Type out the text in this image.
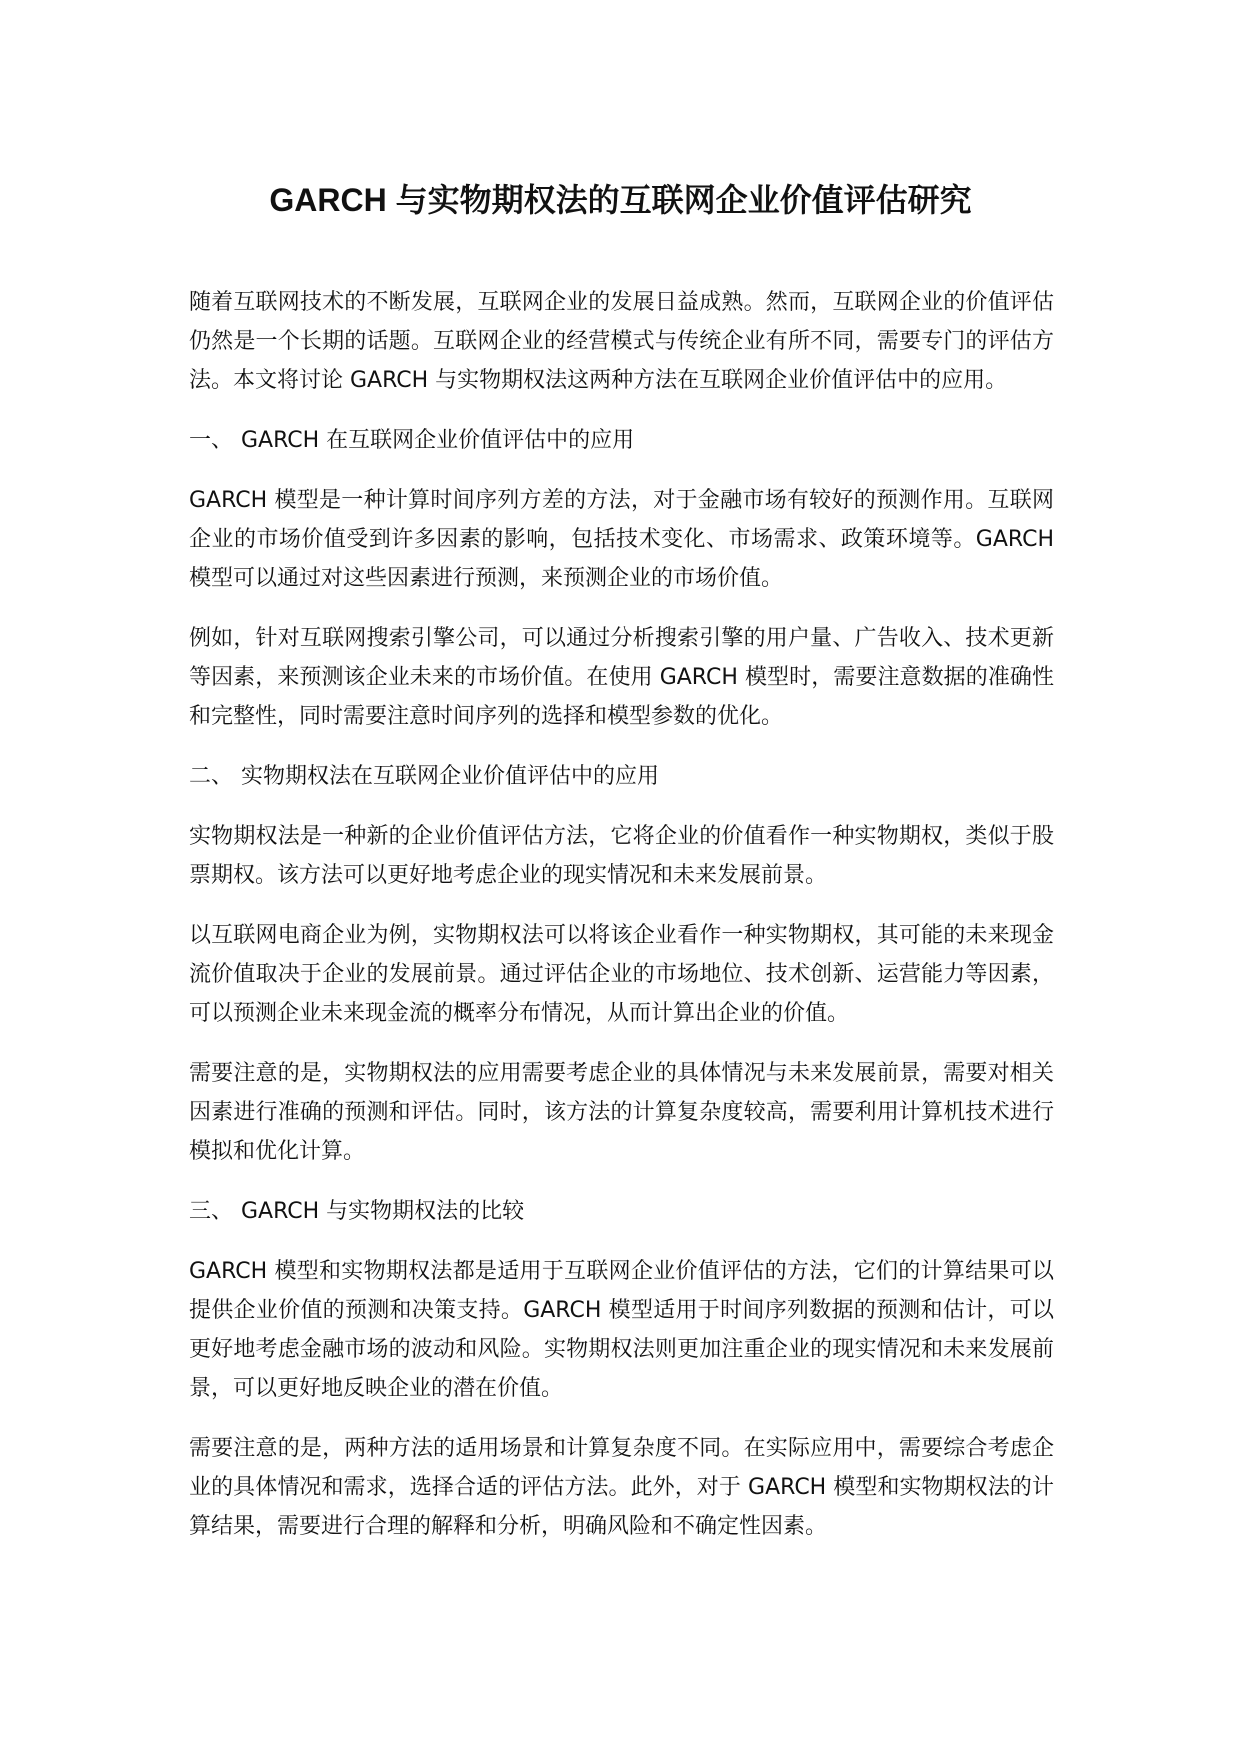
GARCH 与实物期权法的互联网企业价值评估研究

随着互联网技术的不断发展，互联网企业的发展日益成熟。然而，互联网企业的价值评估仍然是一个长期的话题。互联网企业的经营模式与传统企业有所不同，需要专门的评估方法。本文将讨论 GARCH 与实物期权法这两种方法在互联网企业价值评估中的应用。

一、 GARCH 在互联网企业价值评估中的应用

GARCH 模型是一种计算时间序列方差的方法，对于金融市场有较好的预测作用。互联网企业的市场价值受到许多因素的影响，包括技术变化、市场需求、政策环境等。GARCH 模型可以通过对这些因素进行预测，来预测企业的市场价值。

例如，针对互联网搜索引擎公司，可以通过分析搜索引擎的用户量、广告收入、技术更新等因素，来预测该企业未来的市场价值。在使用 GARCH 模型时，需要注意数据的准确性和完整性，同时需要注意时间序列的选择和模型参数的优化。

二、 实物期权法在互联网企业价值评估中的应用

实物期权法是一种新的企业价值评估方法，它将企业的价值看作一种实物期权，类似于股票期权。该方法可以更好地考虑企业的现实情况和未来发展前景。

以互联网电商企业为例，实物期权法可以将该企业看作一种实物期权，其可能的未来现金流价值取决于企业的发展前景。通过评估企业的市场地位、技术创新、运营能力等因素，可以预测企业未来现金流的概率分布情况，从而计算出企业的价值。

需要注意的是，实物期权法的应用需要考虑企业的具体情况与未来发展前景，需要对相关因素进行准确的预测和评估。同时，该方法的计算复杂度较高，需要利用计算机技术进行模拟和优化计算。

三、 GARCH 与实物期权法的比较

GARCH 模型和实物期权法都是适用于互联网企业价值评估的方法，它们的计算结果可以提供企业价值的预测和决策支持。GARCH 模型适用于时间序列数据的预测和估计，可以更好地考虑金融市场的波动和风险。实物期权法则更加注重企业的现实情况和未来发展前景，可以更好地反映企业的潜在价值。

需要注意的是，两种方法的适用场景和计算复杂度不同。在实际应用中，需要综合考虑企业的具体情况和需求，选择合适的评估方法。此外，对于 GARCH 模型和实物期权法的计算结果，需要进行合理的解释和分析，明确风险和不确定性因素。
